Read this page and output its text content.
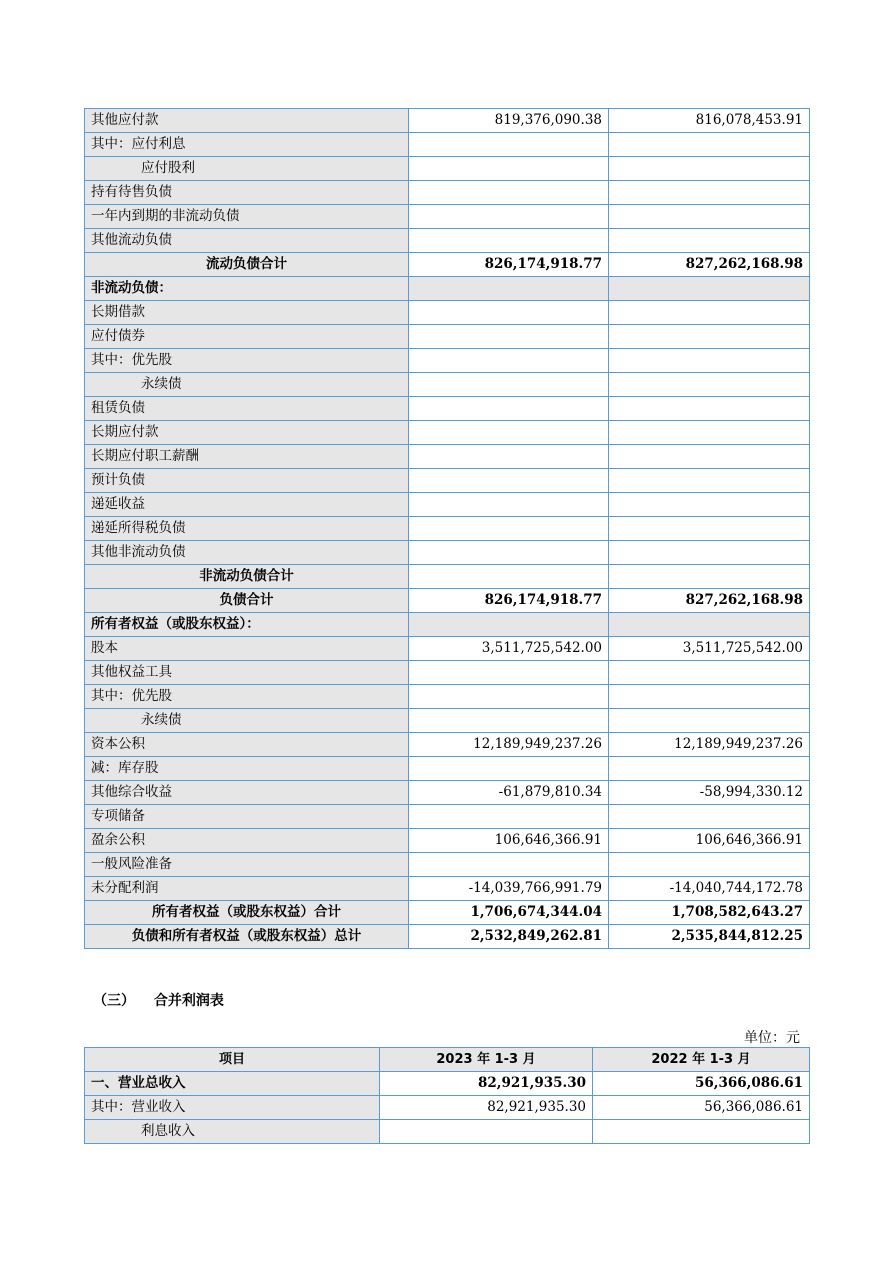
其他应付款	819,376,090.38	816,078,453.91
其中：应付利息		
应付股利		
持有待售负债		
一年内到期的非流动负债		
其他流动负债		
流动负债合计	826,174,918.77	827,262,168.98
非流动负债：		
长期借款		
应付债券		
其中：优先股		
永续债		
租赁负债		
长期应付款		
长期应付职工薪酬		
预计负债		
递延收益		
递延所得税负债		
其他非流动负债		
非流动负债合计		
负债合计	826,174,918.77	827,262,168.98
所有者权益（或股东权益）：		
股本	3,511,725,542.00	3,511,725,542.00
其他权益工具		
其中：优先股		
永续债		
资本公积	12,189,949,237.26	12,189,949,237.26
减：库存股		
其他综合收益	-61,879,810.34	-58,994,330.12
专项储备		
盈余公积	106,646,366.91	106,646,366.91
一般风险准备		
未分配利润	-14,039,766,991.79	-14,040,744,172.78
所有者权益（或股东权益）合计	1,706,674,344.04	1,708,582,643.27
负债和所有者权益（或股东权益）总计	2,532,849,262.81	2,535,844,812.25
（三） 合并利润表
单位：元
项目	2023 年 1-3 月	2022 年 1-3 月
一、营业总收入	82,921,935.30	56,366,086.61
其中：营业收入	82,921,935.30	56,366,086.61
利息收入		
